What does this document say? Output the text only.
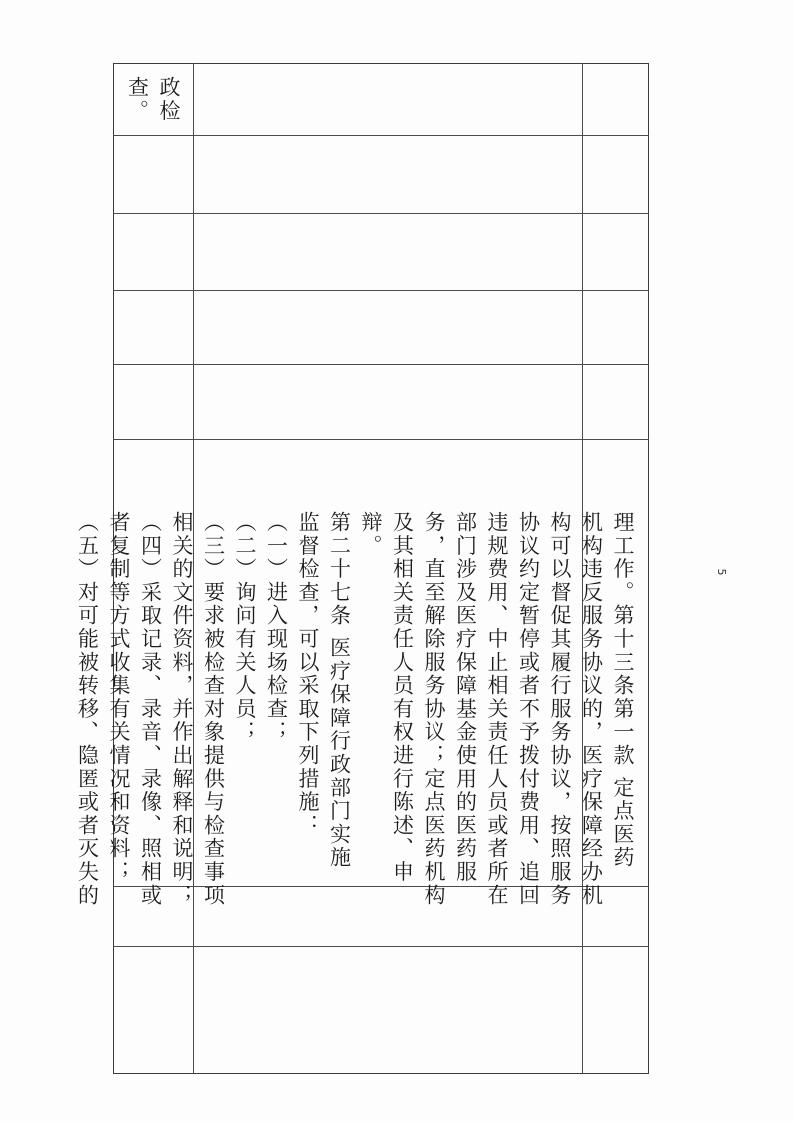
政检
查。
理工作。第十三条第一款 定点医药
机构违反服务协议的，医疗保障经办机
构可以督促其履行服务协议，按照服务
协议约定暂停或者不予拨付费用、追回
违规费用、中止相关责任人员或者所在
部门涉及医疗保障基金使用的医药服
务，直至解除服务协议；定点医药机构
及其相关责任人员有权进行陈述、申
辩。
第二十七条 医疗保障行政部门实施
监督检查，可以采取下列措施：
（一）进入现场检查；
（二）询问有关人员；
（三）要求被检查对象提供与检查事项
相关的文件资料，并作出解释和说明；
（四）采取记录、录音、录像、照相或
者复制等方式收集有关情况和资料；
（五）对可能被转移、隐匿或者灭失的	5
